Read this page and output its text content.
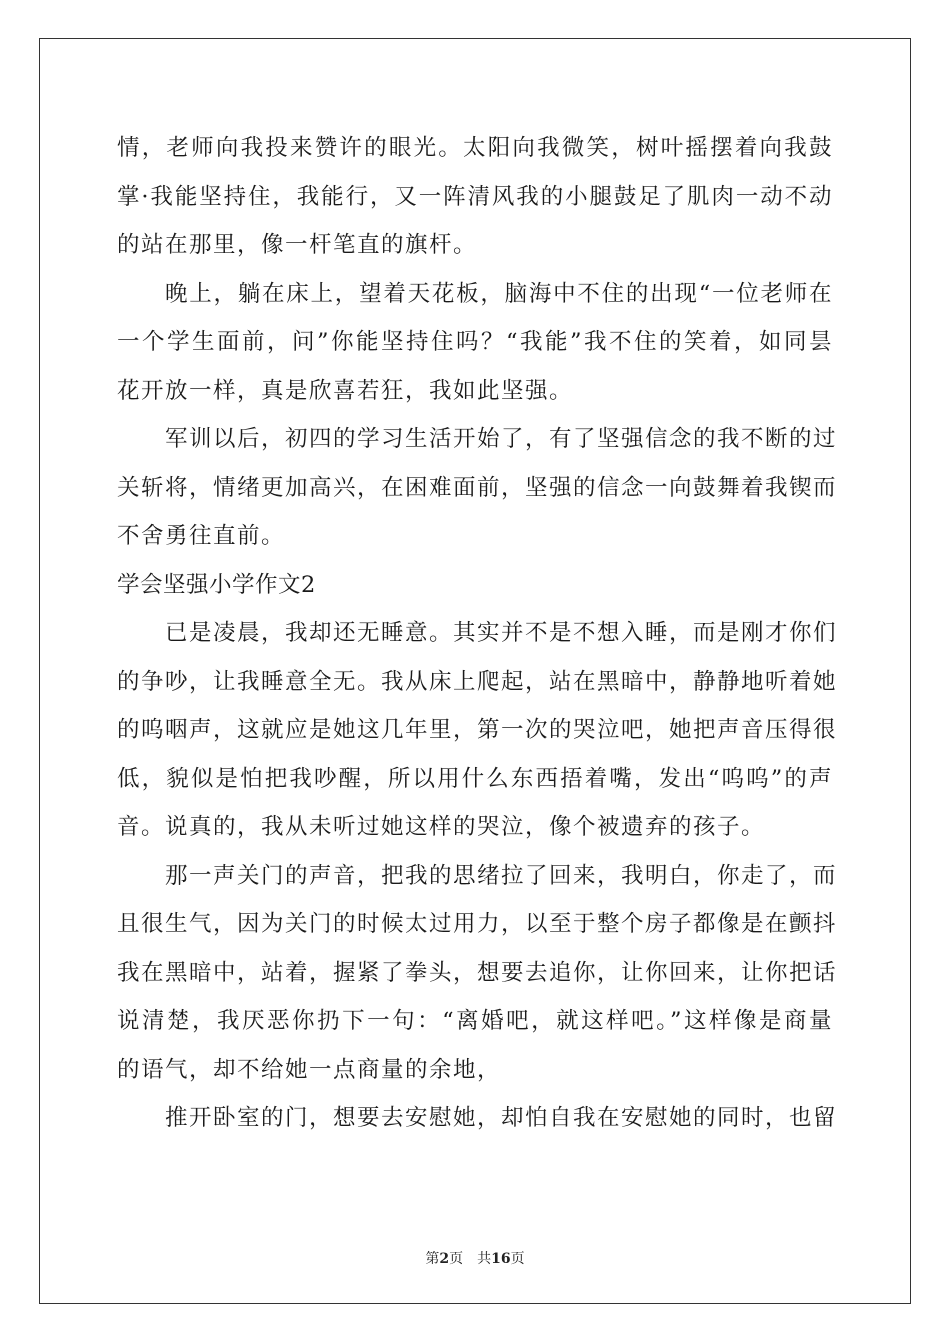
情，老师向我投来赞许的眼光。太阳向我微笑，树叶摇摆着向我鼓
掌·我能坚持住，我能行，又一阵清风我的小腿鼓足了肌肉一动不动
的站在那里，像一杆笔直的旗杆。
晚上，躺在床上，望着天花板，脑海中不住的出现“一位老师在
一个学生面前，问”你能坚持住吗？“我能”我不住的笑着，如同昙
花开放一样，真是欣喜若狂，我如此坚强。
军训以后，初四的学习生活开始了，有了坚强信念的我不断的过
关斩将，情绪更加高兴，在困难面前，坚强的信念一向鼓舞着我锲而
不舍勇往直前。
学会坚强小学作文2
已是凌晨，我却还无睡意。其实并不是不想入睡，而是刚才你们
的争吵，让我睡意全无。我从床上爬起，站在黑暗中，静静地听着她
的呜咽声，这就应是她这几年里，第一次的哭泣吧，她把声音压得很
低，貌似是怕把我吵醒，所以用什么东西捂着嘴，发出“呜呜”的声
音。说真的，我从未听过她这样的哭泣，像个被遗弃的孩子。
那一声关门的声音，把我的思绪拉了回来，我明白，你走了，而
且很生气，因为关门的时候太过用力，以至于整个房子都像是在颤抖
我在黑暗中，站着，握紧了拳头，想要去追你，让你回来，让你把话
说清楚，我厌恶你扔下一句：“离婚吧，就这样吧。”这样像是商量
的语气，却不给她一点商量的余地，
推开卧室的门，想要去安慰她，却怕自我在安慰她的同时，也留
第2页　共16页
